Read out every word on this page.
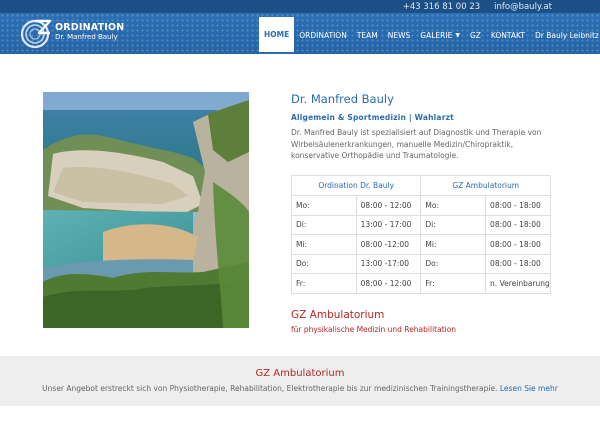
+43 316 81 00 23 info@bauly.at
ORDINATION
Dr. Manfred Bauly	HOME	ORDINATION	TEAM	NEWS	GALERIE ▼	GZ	KONTAKT	Dr Bauly Leibnitz
Dr. Manfred Bauly
Allgemein & Sportmedizin | Wahlarzt
Dr. Manfred Bauly ist spezialisiert auf Diagnostik und Therapie von Wirbelsäulenerkrankungen, manuelle Medizin/Chiropraktik, konservative Orthopädie und Traumatologie.
Ordination Dr. Bauly		GZ Ambulatorium	
Mo:	08:00 - 12:00	Mo:	08:00 - 18:00
Di:	13:00 - 17:00	Di:	08:00 - 18:00
Mi:	08:00 -12:00	Mi:	08:00 - 18:00
Do:	13:00 -17:00	Do:	08:00 - 18:00
Fr:	08:00 - 12:00	Fr:	n. Vereinbarung
GZ Ambulatorium
für physikalische Medizin und Rehabilitation
GZ Ambulatorium
Unser Angebot erstreckt sich von Physiotherapie, Rehabilitation, Elektrotherapie bis zur medizinischen Trainingstherapie. Lesen Sie mehr
